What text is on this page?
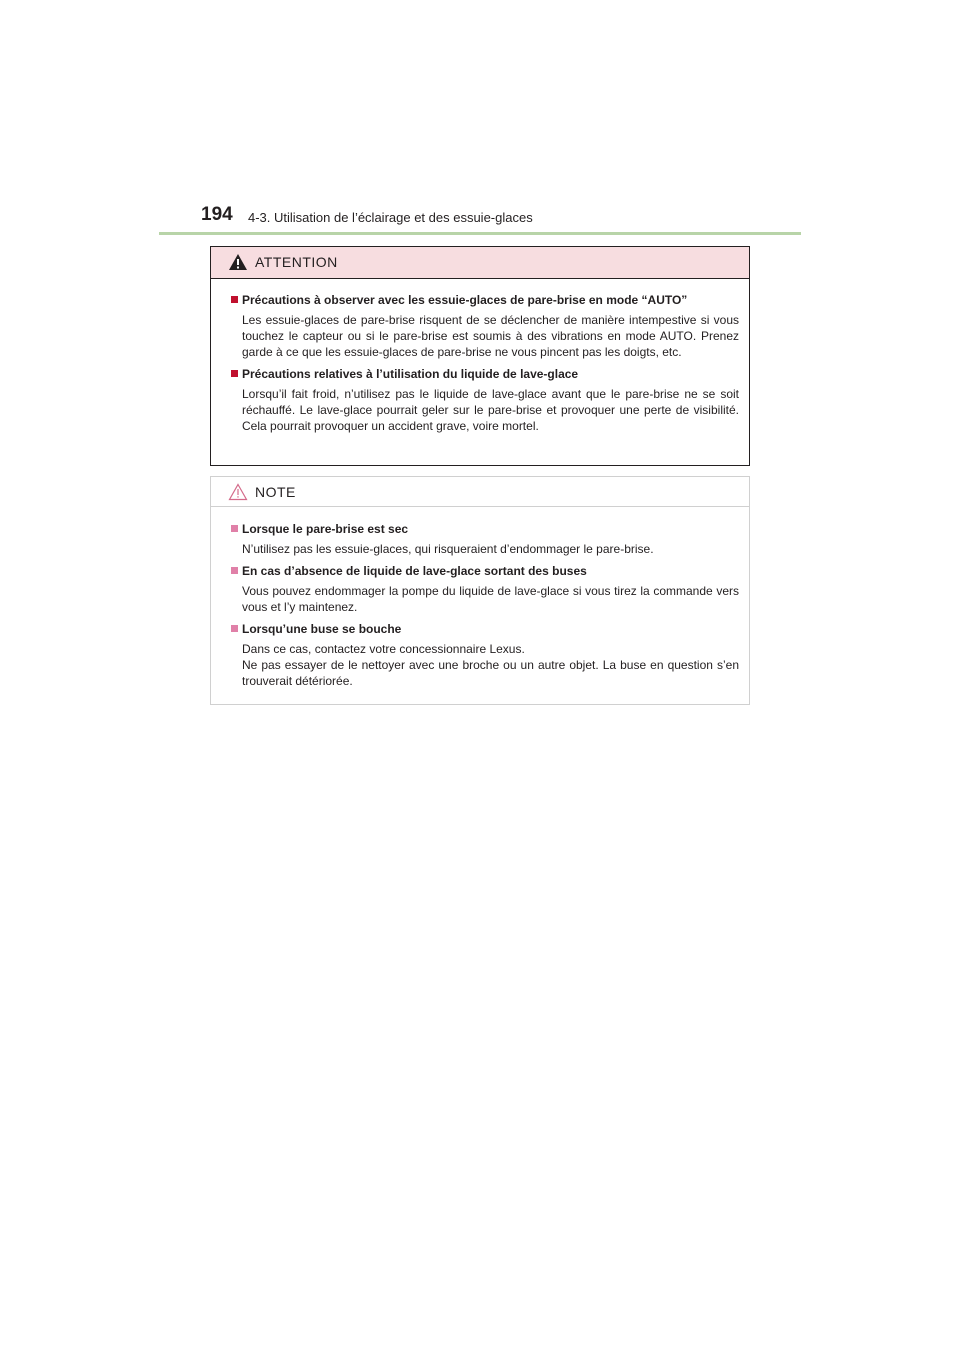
194 4-3. Utilisation de l’éclairage et des essuie-glaces
ATTENTION
Précautions à observer avec les essuie-glaces de pare-brise en mode “AUTO”
Les essuie-glaces de pare-brise risquent de se déclencher de manière intempestive si vous touchez le capteur ou si le pare-brise est soumis à des vibrations en mode AUTO. Prenez garde à ce que les essuie-glaces de pare-brise ne vous pincent pas les doigts, etc.
Précautions relatives à l’utilisation du liquide de lave-glace
Lorsqu’il fait froid, n’utilisez pas le liquide de lave-glace avant que le pare-brise ne se soit réchauffé. Le lave-glace pourrait geler sur le pare-brise et provoquer une perte de visibilité. Cela pourrait provoquer un accident grave, voire mortel.
NOTE
Lorsque le pare-brise est sec
N’utilisez pas les essuie-glaces, qui risqueraient d’endommager le pare-brise.
En cas d’absence de liquide de lave-glace sortant des buses
Vous pouvez endommager la pompe du liquide de lave-glace si vous tirez la commande vers vous et l’y maintenez.
Lorsqu’une buse se bouche
Dans ce cas, contactez votre concessionnaire Lexus.
Ne pas essayer de le nettoyer avec une broche ou un autre objet. La buse en question s’en trouverait détériorée.
